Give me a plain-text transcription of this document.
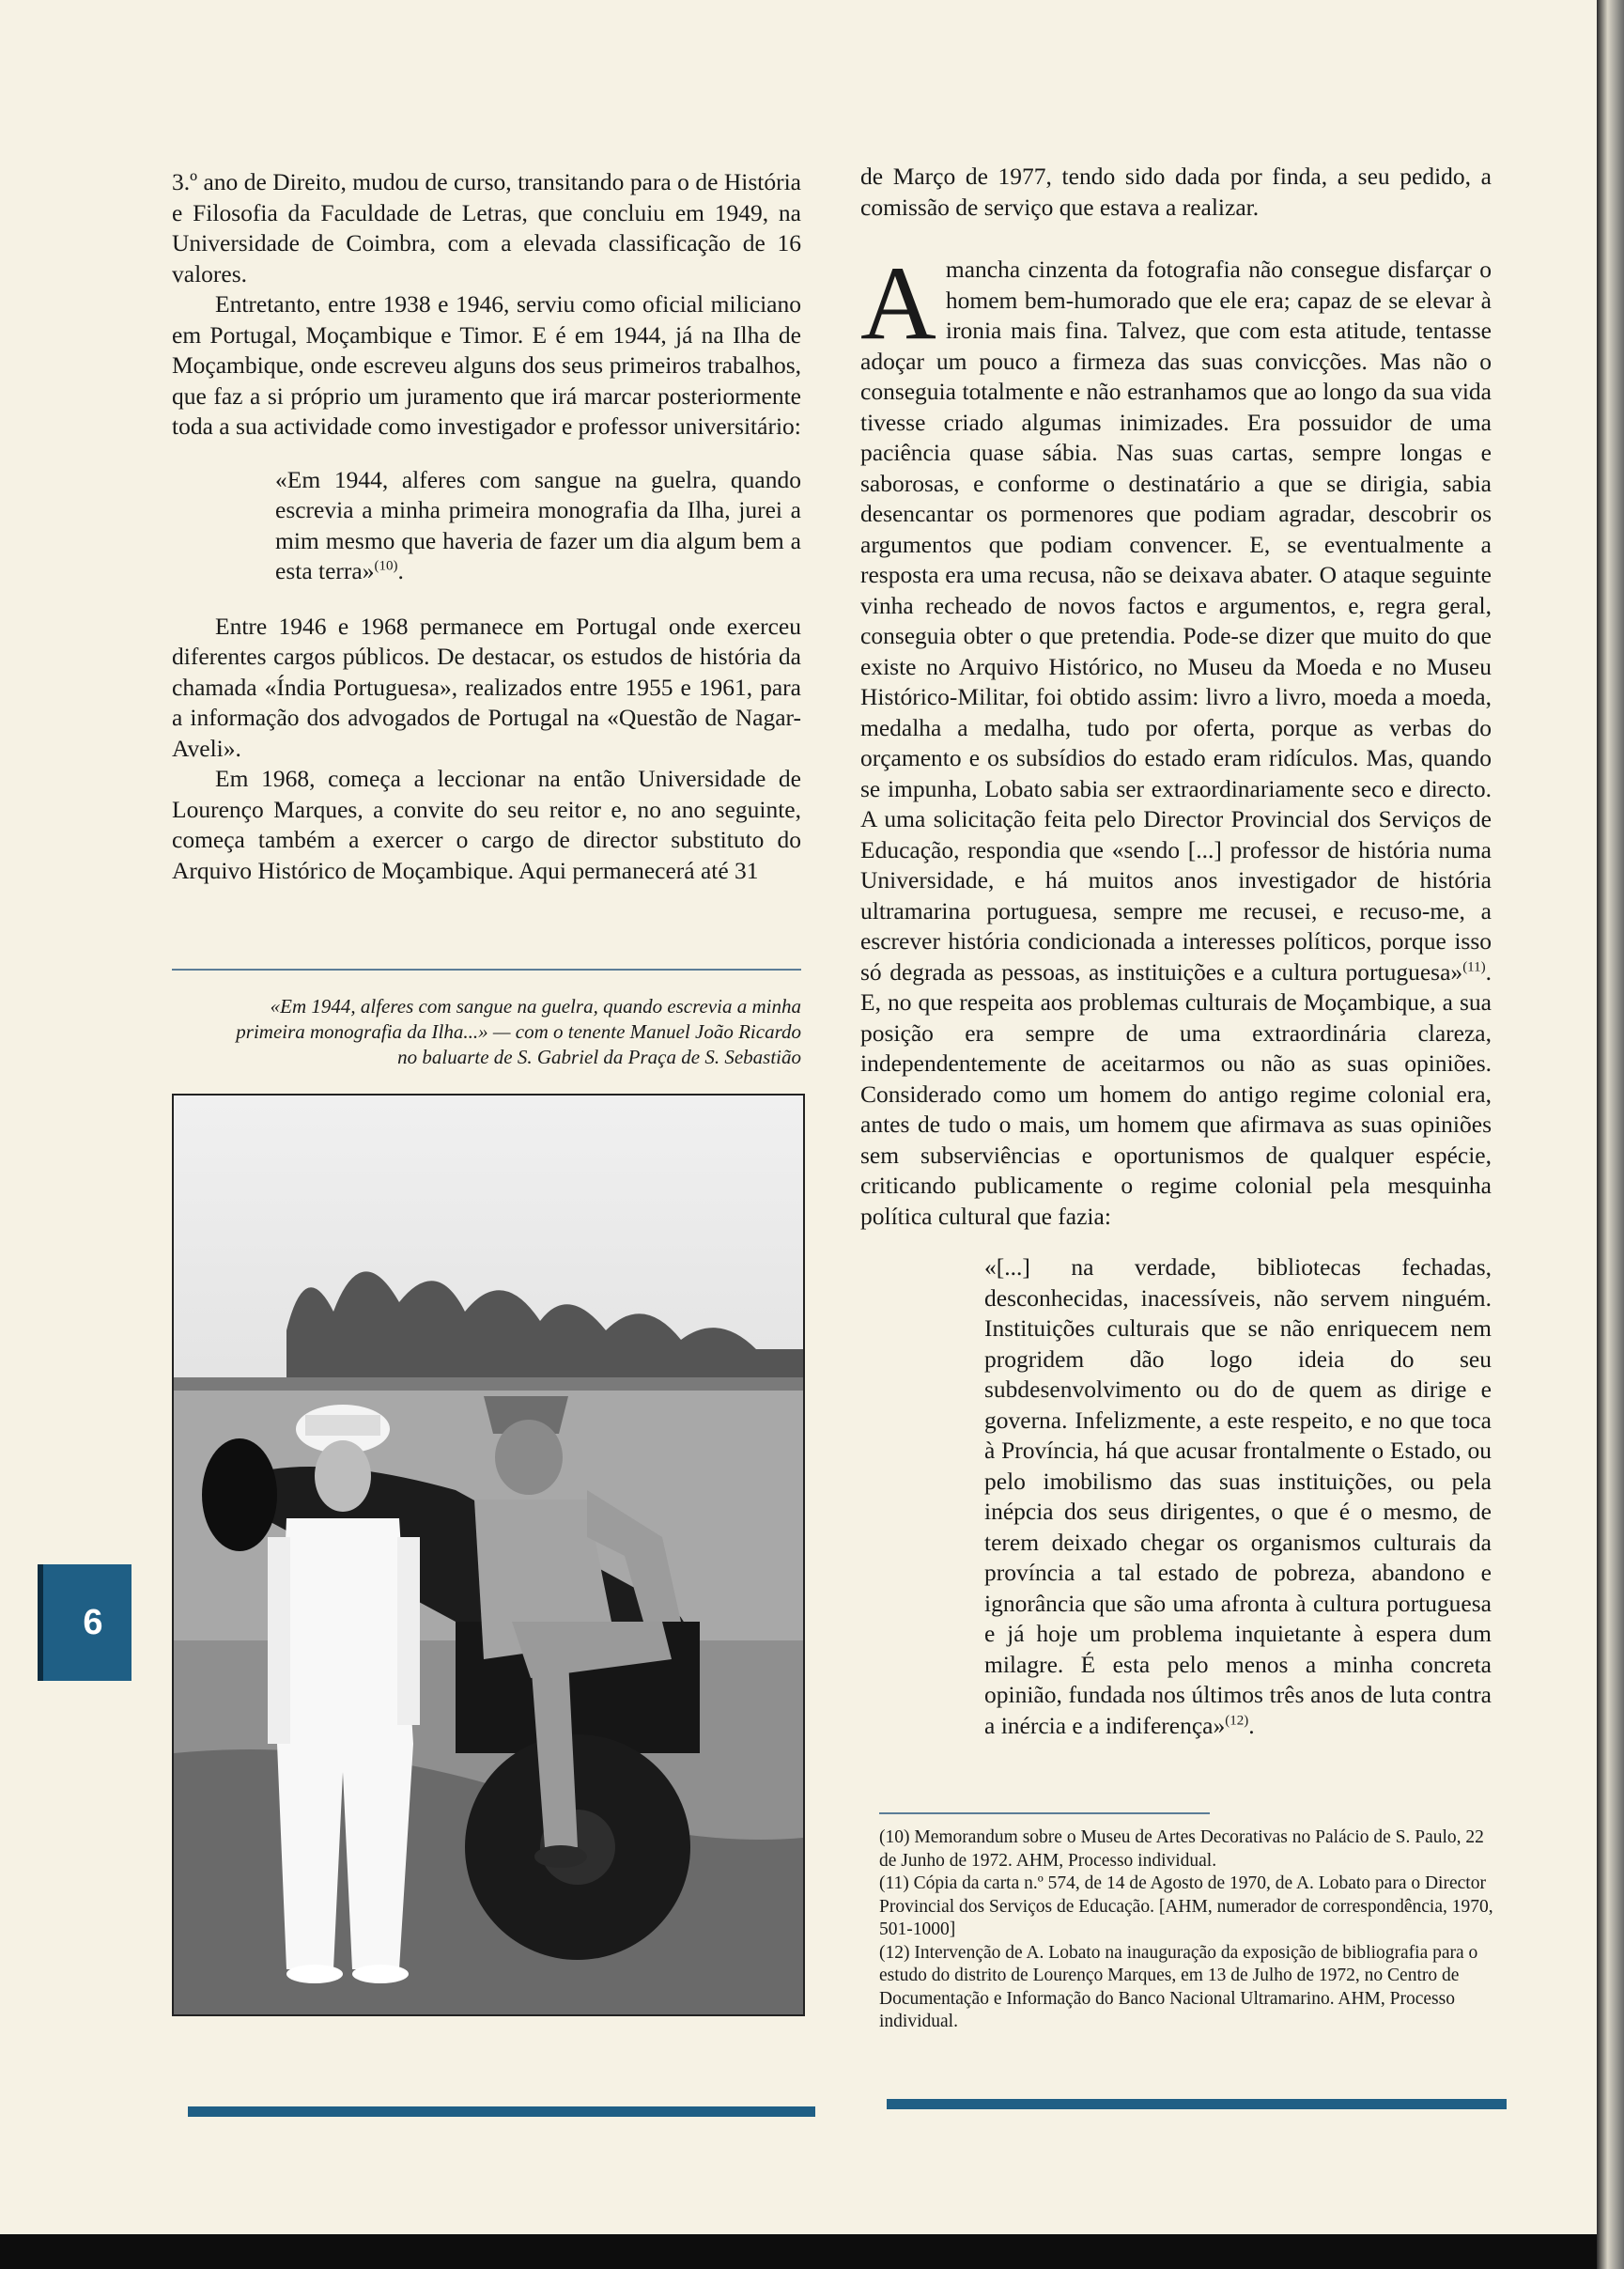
3.º ano de Direito, mudou de curso, transitando para o de História e Filosofia da Faculdade de Letras, que concluiu em 1949, na Universidade de Coimbra, com a elevada classificação de 16 valores.

Entretanto, entre 1938 e 1946, serviu como oficial miliciano em Portugal, Moçambique e Timor. E é em 1944, já na Ilha de Moçambique, onde escreveu alguns dos seus primeiros trabalhos, que faz a si próprio um juramento que irá marcar posteriormente toda a sua actividade como investigador e professor universitário:

«Em 1944, alferes com sangue na guelra, quando escrevia a minha primeira monografia da Ilha, jurei a mim mesmo que haveria de fazer um dia algum bem a esta terra»$^{(10)}$.

Entre 1946 e 1968 permanece em Portugal onde exerceu diferentes cargos públicos. De destacar, os estudos de história da chamada «Índia Portuguesa», realizados entre 1955 e 1961, para a informação dos advogados de Portugal na «Questão de Nagar-Aveli».

Em 1968, começa a leccionar na então Universidade de Lourenço Marques, a convite do seu reitor e, no ano seguinte, começa também a exercer o cargo de director substituto do Arquivo Histórico de Moçambique. Aqui permanecerá até 31

«Em 1944, alferes com sangue na guelra, quando escrevia a minha
primeira monografia da Ilha...» — com o tenente Manuel João Ricardo
no baluarte de S. Gabriel da Praça de S. Sebastião

de Março de 1977, tendo sido dada por finda, a seu pedido, a comissão de serviço que estava a realizar.

Amancha cinzenta da fotografia não consegue disfarçar o homem bem-humorado que ele era; capaz de se elevar à ironia mais fina. Talvez, que com esta atitude, tentasse adoçar um pouco a firmeza das suas convicções. Mas não o conseguia totalmente e não estranhamos que ao longo da sua vida tivesse criado algumas inimizades. Era possuidor de uma paciência quase sábia. Nas suas cartas, sempre longas e saborosas, e conforme o destinatário a que se dirigia, sabia desencantar os pormenores que podiam agradar, descobrir os argumentos que podiam convencer. E, se eventualmente a resposta era uma recusa, não se deixava abater. O ataque seguinte vinha recheado de novos factos e argumentos, e, regra geral, conseguia obter o que pretendia. Pode-se dizer que muito do que existe no Arquivo Histórico, no Museu da Moeda e no Museu Histórico-Militar, foi obtido assim: livro a livro, moeda a moeda, medalha a medalha, tudo por oferta, porque as verbas do orçamento e os subsídios do estado eram ridículos. Mas, quando se impunha, Lobato sabia ser extraordinariamente seco e directo. A uma solicitação feita pelo Director Provincial dos Serviços de Educação, respondia que «sendo [...] professor de história numa Universidade, e há muitos anos investigador de história ultramarina portuguesa, sempre me recusei, e recuso-me, a escrever história condicionada a interesses políticos, porque isso só degrada as pessoas, as instituições e a cultura portuguesa»$^{(11)}$. E, no que respeita aos problemas culturais de Moçambique, a sua posição era sempre de uma extraordinária clareza, independentemente de aceitarmos ou não as suas opiniões. Considerado como um homem do antigo regime colonial era, antes de tudo o mais, um homem que afirmava as suas opiniões sem subserviências e oportunismos de qualquer espécie, criticando publicamente o regime colonial pela mesquinha política cultural que fazia:

«[...] na verdade, bibliotecas fechadas, desconhecidas, inacessíveis, não servem ninguém. Instituições culturais que se não enriquecem nem progridem dão logo ideia do seu subdesenvolvimento ou do de quem as dirige e governa. Infelizmente, a este respeito, e no que toca à Província, há que acusar frontalmente o Estado, ou pelo imobilismo das suas instituições, ou pela inépcia dos seus dirigentes, o que é o mesmo, de terem deixado chegar os organismos culturais da província a tal estado de pobreza, abandono e ignorância que são uma afronta à cultura portuguesa e já hoje um problema inquietante à espera dum milagre. É esta pelo menos a minha concreta opinião, fundada nos últimos três anos de luta contra a inércia e a indiferença»$^{(12)}$.

(10) Memorandum sobre o Museu de Artes Decorativas no Palácio de S. Paulo, 22 de Junho de 1972. AHM, Processo individual.

(11) Cópia da carta n.º 574, de 14 de Agosto de 1970, de A. Lobato para o Director Provincial dos Serviços de Educação. [AHM, numerador de correspondência, 1970, 501-1000]

(12) Intervenção de A. Lobato na inauguração da exposição de bibliografia para o estudo do distrito de Lourenço Marques, em 13 de Julho de 1972, no Centro de Documentação e Informação do Banco Nacional Ultramarino. AHM, Processo individual.

6
